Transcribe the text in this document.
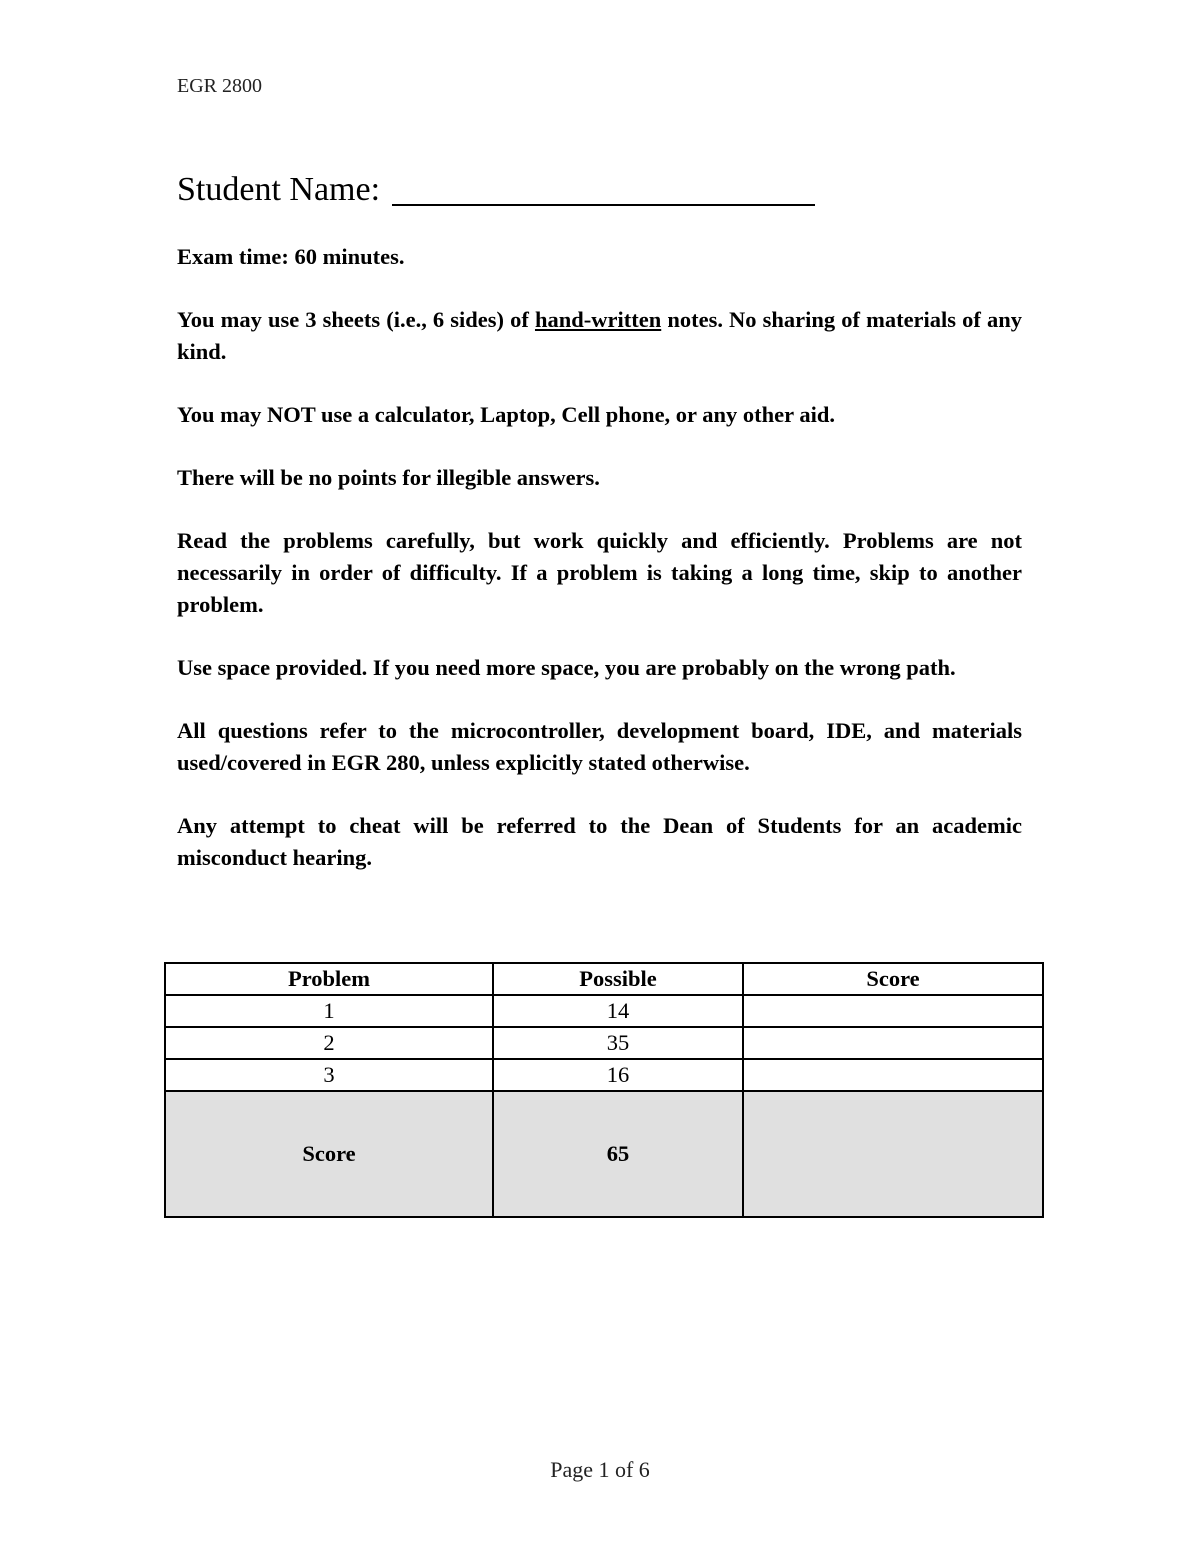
EGR 2800
Student Name:

Exam time: 60 minutes.

You may use 3 sheets (i.e., 6 sides) of hand-written notes. No sharing of materials of any kind.

You may NOT use a calculator, Laptop, Cell phone, or any other aid.

There will be no points for illegible answers.

Read the problems carefully, but work quickly and efficiently. Problems are not necessarily in order of difficulty. If a problem is taking a long time, skip to another problem.

Use space provided. If you need more space, you are probably on the wrong path.

All questions refer to the microcontroller, development board, IDE, and materials used/covered in EGR 280, unless explicitly stated otherwise.

Any attempt to cheat will be referred to the Dean of Students for an academic misconduct hearing.

Problem	Possible	Score
1	14	
2	35	
3	16	
Score	65	
Page 1 of 6
